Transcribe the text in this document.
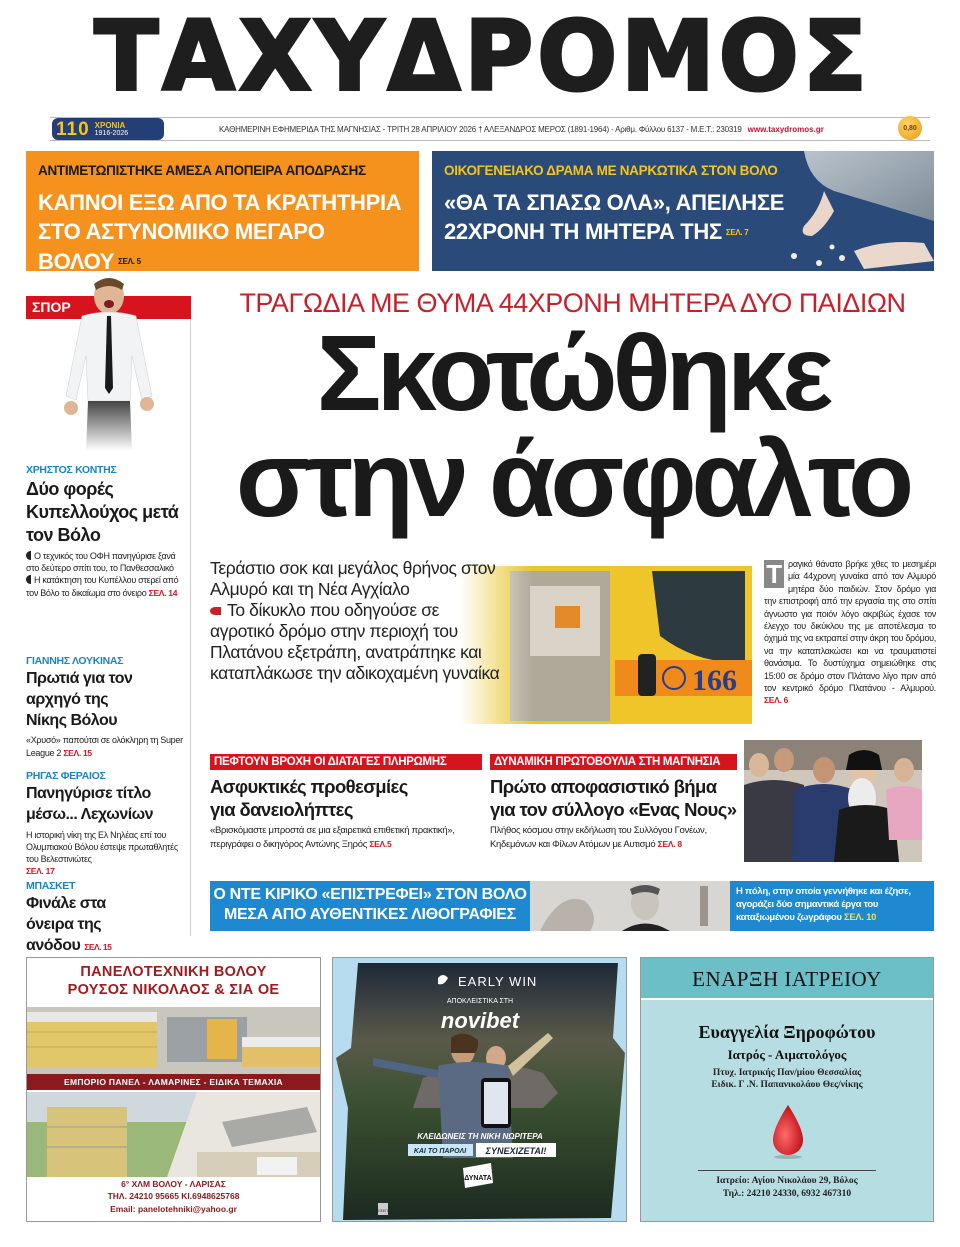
ΤΑΧΥΔΡΟΜΟΣ
110 ΧΡΟΝΙΑ
1916-2026	ΚΑΘΗΜΕΡΙΝΗ ΕΦΗΜΕΡΙΔΑ ΤΗΣ ΜΑΓΝΗΣΙΑΣ - ΤΡΙΤΗ 28 ΑΠΡΙΛΙΟΥ 2026 † ΑΛΕΞΑΝΔΡΟΣ ΜΕΡΟΣ (1891-1964) - Αριθμ. Φύλλου 6137 - Μ.Ε.Τ.: 230319 www.taxydromos.gr	0,80
ΑΝΤΙΜΕΤΩΠΙΣΤΗΚΕ ΑΜΕΣΑ ΑΠΟΠΕΙΡΑ ΑΠΟΔΡΑΣΗΣ
ΚΑΠΝΟΙ ΕΞΩ ΑΠΟ ΤΑ ΚΡΑΤΗΤΗΡΙΑ
ΣΤΟ ΑΣΤΥΝΟΜΙΚΟ ΜΕΓΑΡΟ ΒΟΛΟΥ ΣΕΛ. 5
ΟΙΚΟΓΕΝΕΙΑΚΟ ΔΡΑΜΑ ΜΕ ΝΑΡΚΩΤΙΚΑ ΣΤΟΝ ΒΟΛΟ
«ΘΑ ΤΑ ΣΠΑΣΩ ΟΛΑ», ΑΠΕΙΛΗΣΕ
22ΧΡΟΝΗ ΤΗ ΜΗΤΕΡΑ ΤΗΣ ΣΕΛ. 7
ΣΠΟΡ
ΧΡΗΣΤΟΣ ΚΟΝΤΗΣ
Δύο φορές Κυπελλούχος μετά τον Βόλο
Ο τεχνικός του ΟΦΗ πανηγύρισε ξανά στο δεύτερο σπίτι του, το Πανθεσσαλικό
Η κατάκτηση του Κυπέλλου στερεί από τον Βόλο το δικαίωμα στο όνειρο ΣΕΛ. 14
ΓΙΑΝΝΗΣ ΛΟΥΚΙΝΑΣ
Πρωτιά για τον αρχηγό της Νίκης Βόλου
«Χρυσό» παπούτσι σε ολόκληρη τη Super League 2 ΣΕΛ. 15
ΡΗΓΑΣ ΦΕΡΑΙΟΣ
Πανηγύρισε τίτλο μέσω... Λεχωνίων
Η ιστορική νίκη της Ελ Νηλέας επί του Ολυμπιακού Βόλου έστεψε πρωταθλητές του Βελεστινιώτες
ΣΕΛ. 17
ΜΠΑΣΚΕΤ
Φινάλε στα όνειρα της ανόδου ΣΕΛ. 15
ΤΡΑΓΩΔΙΑ ΜΕ ΘΥΜΑ 44ΧΡΟΝΗ ΜΗΤΕΡΑ ΔΥΟ ΠΑΙΔΙΩΝ
Σκοτώθηκε
στην άσφαλτο
Τεράστιο σοκ και μεγάλος θρήνος στον Αλμυρό και τη Νέα Αγχίαλο
Το δίκυκλο που οδηγούσε σε αγροτικό δρόμο στην περιοχή του Πλατάνου εξετράπη, ανατράπηκε και καταπλάκωσε την αδικοχαμένη γυναίκα
Τ ραγικό θάνατο βρήκε χθες το μεσημέρι μία 44χρονη γυναίκα από τον Αλμυρό μητέρα δύο παιδιών. Στον δρόμο για την επιστροφή από την εργασία της στο σπίτι άγνωστο για ποιόν λόγο ακριβώς έχασε τον έλεγχο του δικύκλου της με αποτέλεσμα το όχημά της να εκτραπεί στην άκρη του δρόμου, να την καταπλακώσει και να τραυματιστεί θανάσιμα. Το δυστύχημα σημειώθηκε στις 15:00 σε δρόμο στον Πλάτανο λίγο πριν από τον κεντρικό δρόμο Πλατάνου - Αλμυρού. ΣΕΛ. 6
ΠΕΦΤΟΥΝ ΒΡΟΧΗ ΟΙ ΔΙΑΤΑΓΕΣ ΠΛΗΡΩΜΗΣ
Ασφυκτικές προθεσμίες για δανειολήπτες
«Βρισκόμαστε μπροστά σε μια εξαιρετικά επιθετική πρακτική», περιγράφει ο δικηγόρος Αντώνης Ξηρός ΣΕΛ.5
ΔΥΝΑΜΙΚΗ ΠΡΩΤΟΒΟΥΛΙΑ ΣΤΗ ΜΑΓΝΗΣΙΑ
Πρώτο αποφασιστικό βήμα για τον σύλλογο «Ενας Νους»
Πλήθος κόσμου στην εκδήλωση του Συλλόγου Γονέων, Κηδεμόνων και Φίλων Ατόμων με Αυτισμό ΣΕΛ. 8
Ο ΝΤΕ ΚΙΡΙΚΟ «ΕΠΙΣΤΡΕΦΕΙ» ΣΤΟΝ ΒΟΛΟ
ΜΕΣΑ ΑΠΟ ΑΥΘΕΝΤΙΚΕΣ ΛΙΘΟΓΡΑΦΙΕΣ
Η πόλη, στην οποία γεννήθηκε και έζησε, αγοράζει δύο σημαντικά έργα του καταξιωμένου ζωγράφου ΣΕΛ. 10
ΠΑΝΕΛΟΤΕΧΝΙΚΗ ΒΟΛΟΥ
ΡΟΥΣΟΣ ΝΙΚΟΛΑΟΣ & ΣΙΑ ΟΕ
ΕΜΠΟΡΙΟ ΠΑΝΕΛ - ΛΑΜΑΡΙΝΕΣ - ΕΙΔΙΚΑ ΤΕΜΑΧΙΑ
6° ΧΛΜ ΒΟΛΟΥ - ΛΑΡΙΣΑΣ
ΤΗΛ. 24210 95665 ΚΙ.6948625768
Email: panelotehniki@yahoo.gr
EARLY WIN
ΑΠΟΚΛΕΙΣΤΙΚΑ ΣΤΗ
novibet
ΚΛΕΙΔΩΝΕΙΣ ΤΗ ΝΙΚΗ ΝΩΡΙΤΕΡΑ
ΚΑΙ ΤΟ ΠΑΡΟΛΙ ΣΥΝΕΧΙΖΕΤΑΙ!
ΔΥΝΑΤΑ
ΕΕΕΠ
ΕΝΑΡΞΗ ΙΑΤΡΕΙΟΥ
Ευαγγελία Ξηροφώτου
Ιατρός - Αιματολόγος
Πτυχ. Ιατρικής Παν/μίου Θεσσαλίας
Ειδικ. Γ .Ν. Παπανικολάου Θες/νίκης
Ιατρείο: Αγίου Νικολάου 29, Βόλος
Τηλ.: 24210 24330, 6932 467310
